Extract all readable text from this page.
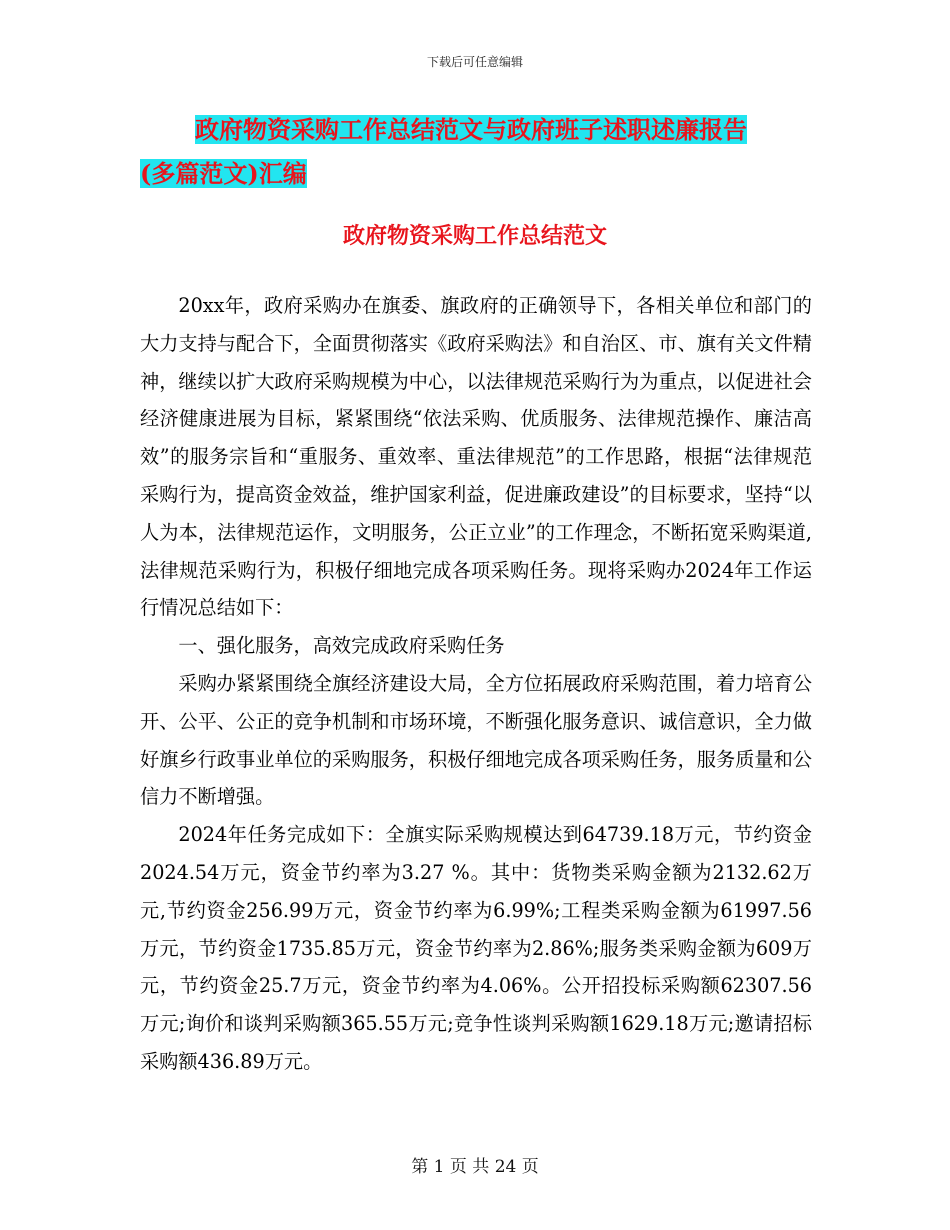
下载后可任意编辑
政府物资采购工作总结范文与政府班子述职述廉报告
(多篇范文)汇编
政府物资采购工作总结范文

20xx年，政府采购办在旗委、旗政府的正确领导下，各相关单位和部门的大力支持与配合下，全面贯彻落实《政府采购法》和自治区、市、旗有关文件精神，继续以扩大政府采购规模为中心，以法律规范采购行为为重点，以促进社会经济健康进展为目标，紧紧围绕“依法采购、优质服务、法律规范操作、廉洁高效”的服务宗旨和“重服务、重效率、重法律规范”的工作思路，根据“法律规范采购行为，提高资金效益，维护国家利益，促进廉政建设”的目标要求，坚持“以人为本，法律规范运作，文明服务，公正立业”的工作理念，不断拓宽采购渠道,法律规范采购行为，积极仔细地完成各项采购任务。现将采购办2024年工作运行情况总结如下：

一、强化服务，高效完成政府采购任务

采购办紧紧围绕全旗经济建设大局，全方位拓展政府采购范围，着力培育公开、公平、公正的竞争机制和市场环境，不断强化服务意识、诚信意识，全力做好旗乡行政事业单位的采购服务，积极仔细地完成各项采购任务，服务质量和公信力不断增强。

2024年任务完成如下：全旗实际采购规模达到64739.18万元，节约资金2024.54万元，资金节约率为3.27 %。其中：货物类采购金额为2132.62万元,节约资金256.99万元，资金节约率为6.99%;工程类采购金额为61997.56万元，节约资金1735.85万元，资金节约率为2.86%;服务类采购金额为609万元，节约资金25.7万元，资金节约率为4.06%。公开招投标采购额62307.56万元;询价和谈判采购额365.55万元;竞争性谈判采购额1629.18万元;邀请招标采购额436.89万元。

第 1 页 共 24 页
